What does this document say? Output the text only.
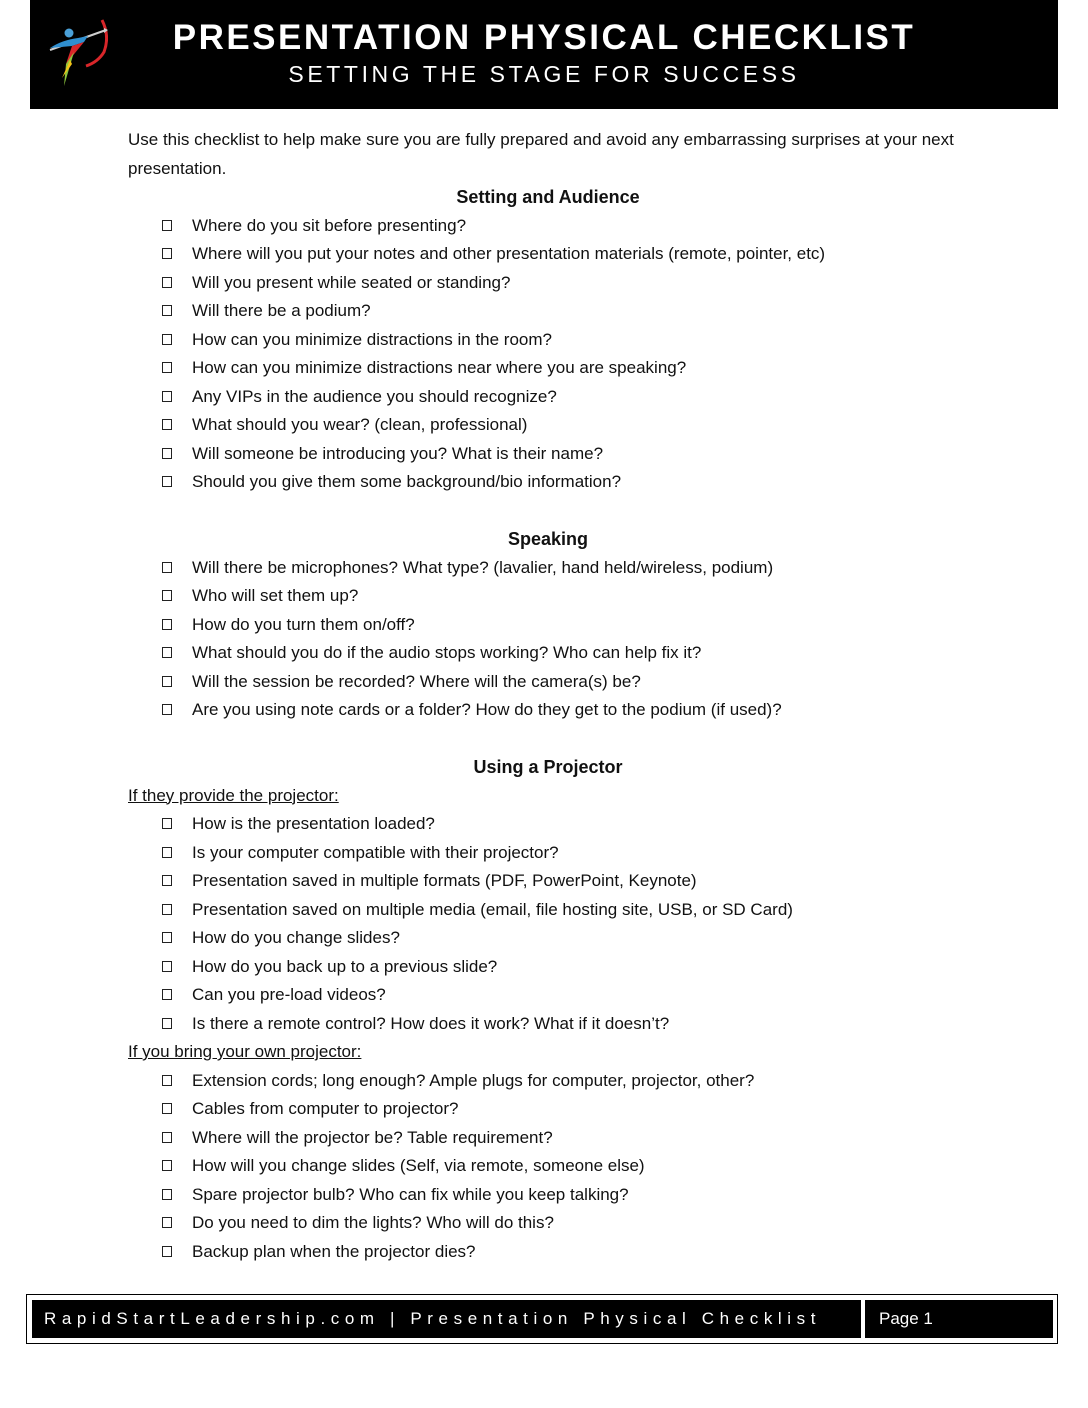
PRESENTATION PHYSICAL CHECKLIST
SETTING THE STAGE FOR SUCCESS

Use this checklist to help make sure you are fully prepared and avoid any embarrassing surprises at your next presentation.

Setting and Audience
Where do you sit before presenting?
Where will you put your notes and other presentation materials (remote, pointer, etc)
Will you present while seated or standing?
Will there be a podium?
How can you minimize distractions in the room?
How can you minimize distractions near where you are speaking?
Any VIPs in the audience you should recognize?
What should you wear? (clean, professional)
Will someone be introducing you? What is their name?
Should you give them some background/bio information?
Speaking
Will there be microphones? What type? (lavalier, hand held/wireless, podium)
Who will set them up?
How do you turn them on/off?
What should you do if the audio stops working? Who can help fix it?
Will the session be recorded? Where will the camera(s) be?
Are you using note cards or a folder? How do they get to the podium (if used)?
Using a Projector
If they provide the projector:
How is the presentation loaded?
Is your computer compatible with their projector?
Presentation saved in multiple formats (PDF, PowerPoint, Keynote)
Presentation saved on multiple media (email, file hosting site, USB, or SD Card)
How do you change slides?
How do you back up to a previous slide?
Can you pre-load videos?
Is there a remote control? How does it work? What if it doesn’t?
If you bring your own projector:
Extension cords; long enough? Ample plugs for computer, projector, other?
Cables from computer to projector?
Where will the projector be? Table requirement?
How will you change slides (Self, via remote, someone else)
Spare projector bulb? Who can fix while you keep talking?
Do you need to dim the lights? Who will do this?
Backup plan when the projector dies?
RapidStartLeadership.com | Presentation Physical Checklist	Page 1
